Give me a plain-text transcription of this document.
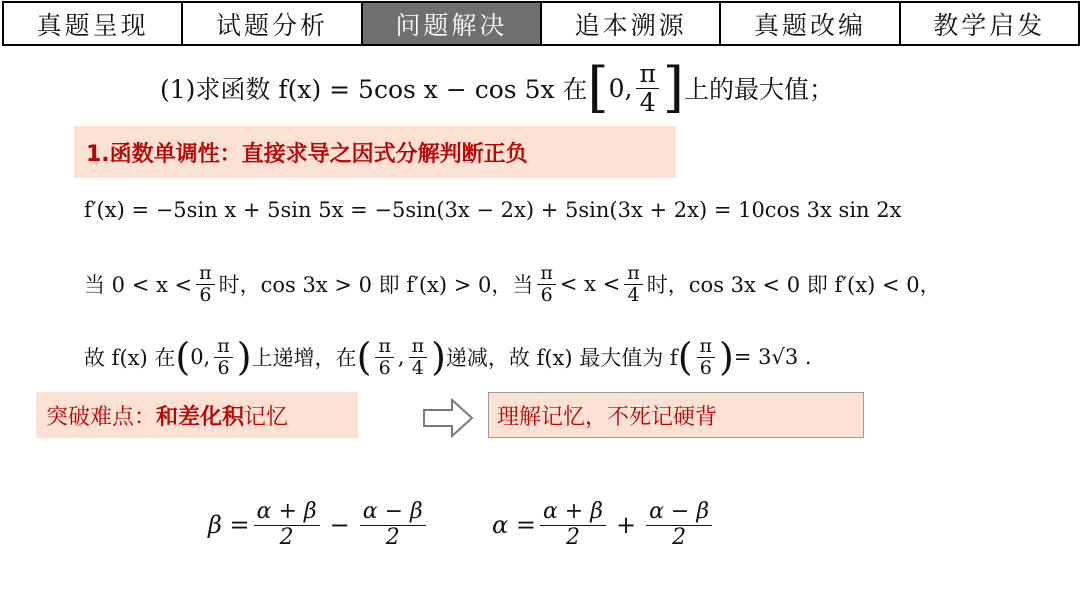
真题呈现	试题分析	问题解决	追本溯源	真题改编	教学启发
(1)求函数 f(x) = 5cos x − cos 5x 在 [ 0, $\frac{\pi}{4}$ ] 上的最大值；
1.函数单调性：直接求导之因式分解判断正负
f′(x) = −5sin x + 5sin 5x = −5sin(3x − 2x) + 5sin(3x + 2x) = 10cos 3x sin 2x
当 $0 < x < \frac{\pi}{6}$ 时，cos 3x > 0 即 f′(x) > 0，当 $\frac{\pi}{6} < x < \frac{\pi}{4}$ 时，cos 3x < 0 即 f′(x) < 0，
故 f(x) 在 ( 0, $\frac{\pi}{6}$ ) 上递增，在 ( $\frac{\pi}{6}$ , $\frac{\pi}{4}$ ) 递减，故 f(x) 最大值为 f ( $\frac{\pi}{6}$ ) = 3√3 .
突破难点： 和差化积 记忆	理解记忆，不死记硬背
$\beta = \frac{\alpha + \beta}{2} - \frac{\alpha - \beta}{2}$	$\alpha = \frac{\alpha + \beta}{2} + \frac{\alpha - \beta}{2}$
